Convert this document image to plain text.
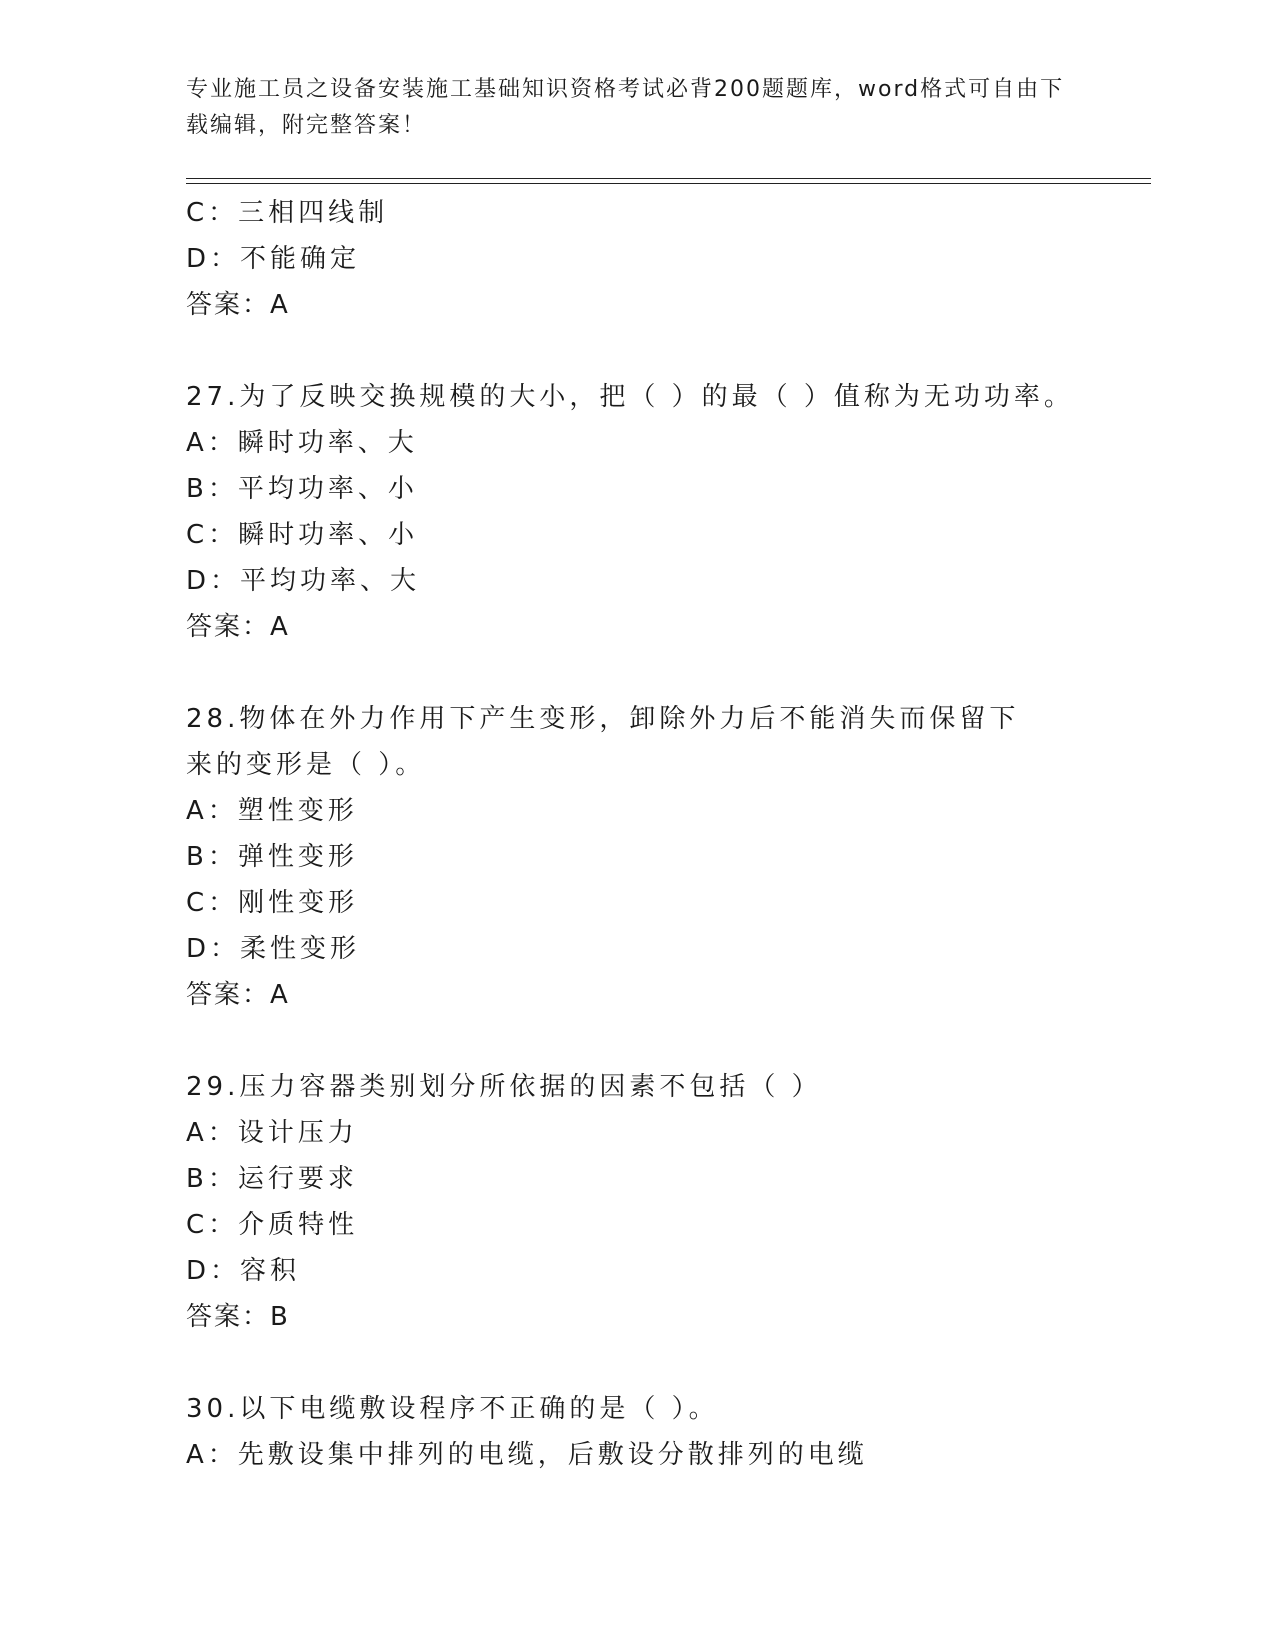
专业施工员之设备安装施工基础知识资格考试必背200题题库，word格式可自由下载编辑，附完整答案！
C：三相四线制
D：不能确定
答案：A
27.为了反映交换规模的大小，把（ ）的最（ ）值称为无功功率。
A：瞬时功率、大
B：平均功率、小
C：瞬时功率、小
D：平均功率、大
答案：A
28.物体在外力作用下产生变形，卸除外力后不能消失而保留下来的变形是（ ）。
A：塑性变形
B：弹性变形
C：刚性变形
D：柔性变形
答案：A
29.压力容器类别划分所依据的因素不包括（ ）
A：设计压力
B：运行要求
C：介质特性
D：容积
答案：B
30.以下电缆敷设程序不正确的是（ ）。
A：先敷设集中排列的电缆，后敷设分散排列的电缆
